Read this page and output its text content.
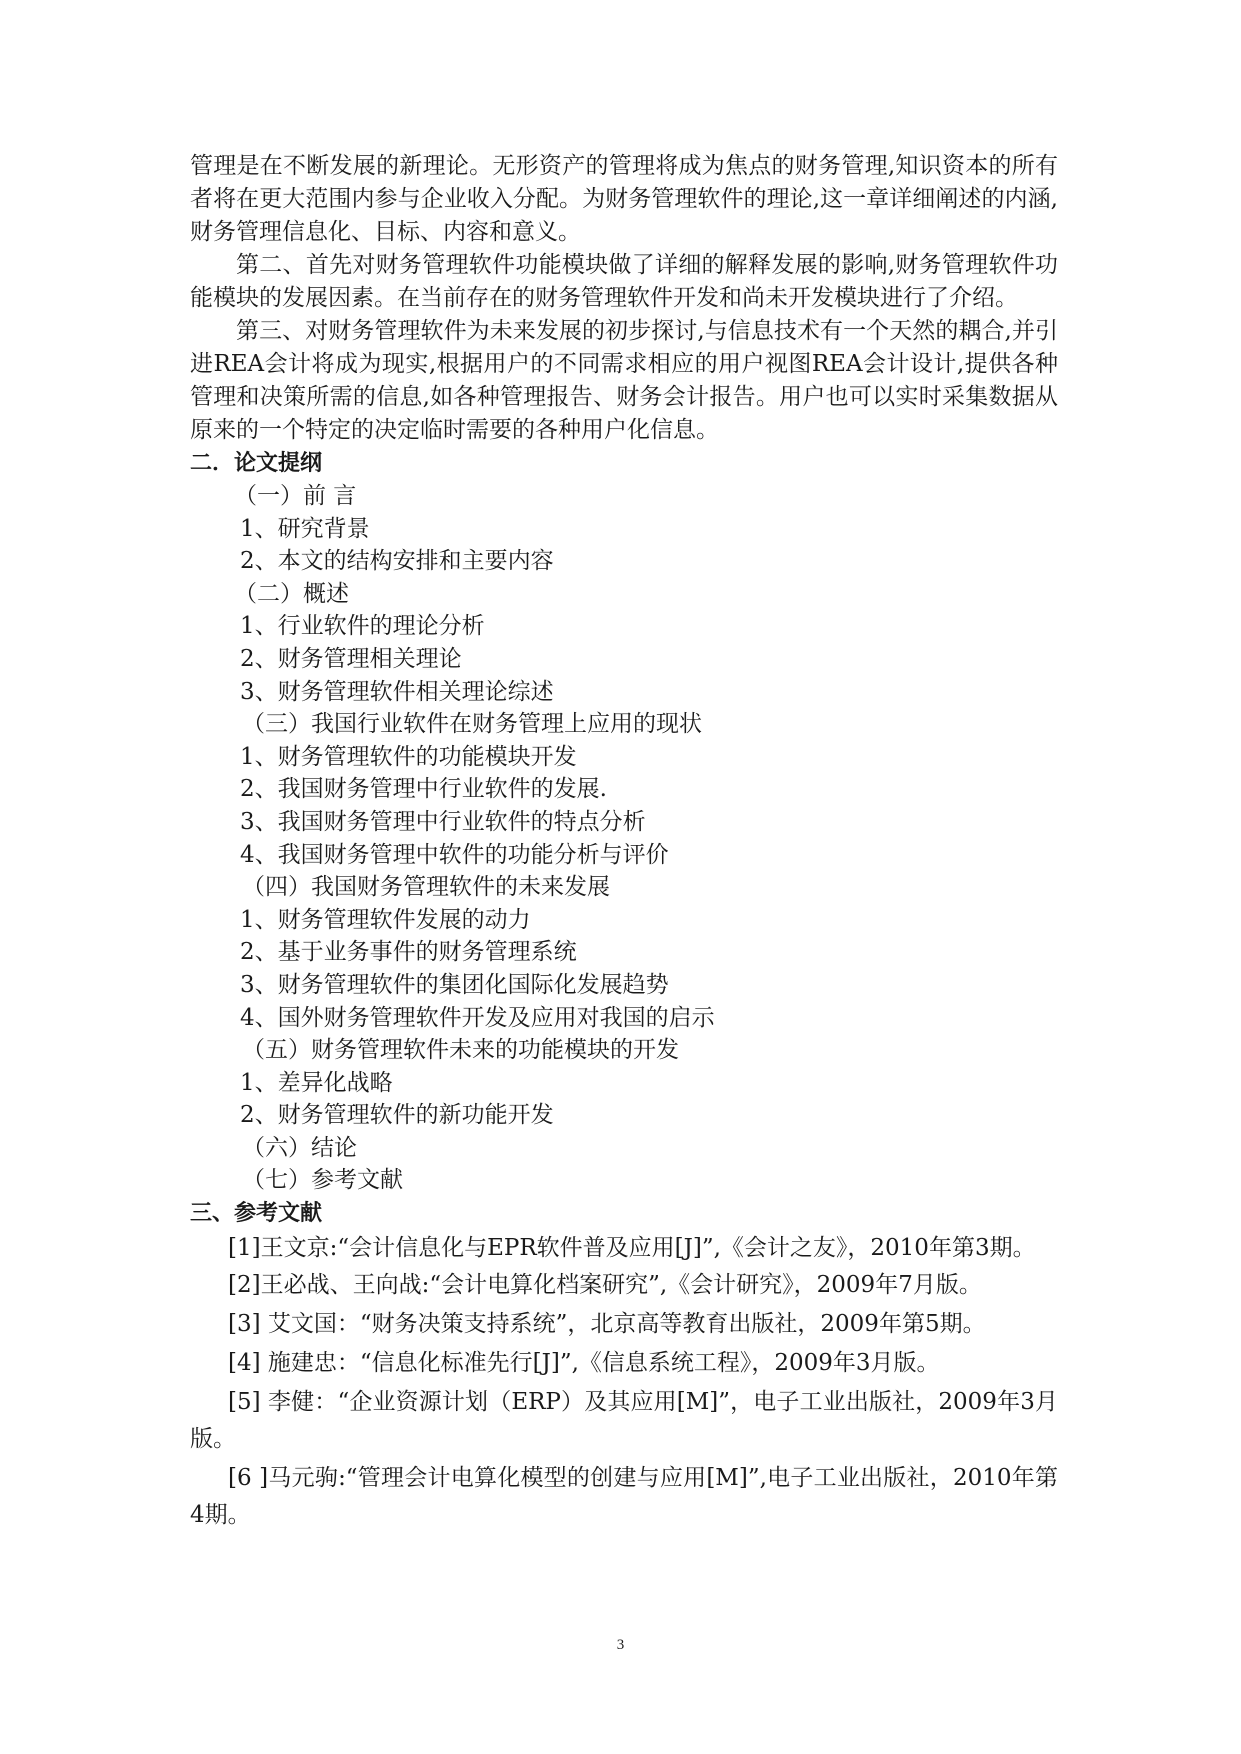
管理是在不断发展的新理论。无形资产的管理将成为焦点的财务管理,知识资本的所有者将在更大范围内参与企业收入分配。为财务管理软件的理论,这一章详细阐述的内涵,财务管理信息化、目标、内容和意义。

第二、首先对财务管理软件功能模块做了详细的解释发展的影响,财务管理软件功能模块的发展因素。在当前存在的财务管理软件开发和尚未开发模块进行了介绍。

第三、对财务管理软件为未来发展的初步探讨,与信息技术有一个天然的耦合,并引进REA会计将成为现实,根据用户的不同需求相应的用户视图REA会计设计,提供各种管理和决策所需的信息,如各种管理报告、财务会计报告。用户也可以实时采集数据从原来的一个特定的决定临时需要的各种用户化信息。

二．论文提纲
（一）前 言
1、研究背景
2、本文的结构安排和主要内容
（二）概述
1、行业软件的理论分析
2、财务管理相关理论
3、财务管理软件相关理论综述
（三）我国行业软件在财务管理上应用的现状
1、财务管理软件的功能模块开发
2、我国财务管理中行业软件的发展.
3、我国财务管理中行业软件的特点分析
4、我国财务管理中软件的功能分析与评价
（四）我国财务管理软件的未来发展
1、财务管理软件发展的动力
2、基于业务事件的财务管理系统
3、财务管理软件的集团化国际化发展趋势
4、国外财务管理软件开发及应用对我国的启示
（五）财务管理软件未来的功能模块的开发
1、差异化战略
2、财务管理软件的新功能开发
（六）结论
（七）参考文献
三、参考文献
[1]王文京:“会计信息化与EPR软件普及应用[J]”,《会计之友》，2010年第3期。
[2]王必战、王向战:“会计电算化档案研究”,《会计研究》，2009年7月版。
[3] 艾文国：“财务决策支持系统”，北京高等教育出版社，2009年第5期。
[4] 施建忠：“信息化标准先行[J]”,《信息系统工程》，2009年3月版。
[5] 李健：“企业资源计划（ERP）及其应用[M]”，电子工业出版社，2009年3月版。
[6 ]马元驹:“管理会计电算化模型的创建与应用[M]”,电子工业出版社，2010年第4期。
3
